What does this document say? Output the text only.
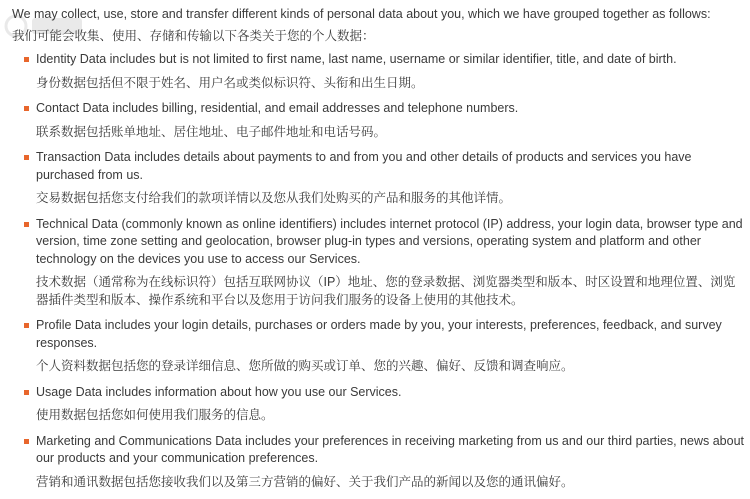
We may collect, use, store and transfer different kinds of personal data about you, which we have grouped together as follows:

我们可能会收集、使用、存储和传输以下各类关于您的个人数据：

Identity Data includes but is not limited to first name, last name, username or similar identifier, title, and date of birth.

身份数据包括但不限于姓名、用户名或类似标识符、头衔和出生日期。

Contact Data includes billing, residential, and email addresses and telephone numbers.

联系数据包括账单地址、居住地址、电子邮件地址和电话号码。

Transaction Data includes details about payments to and from you and other details of products and services you have purchased from us.

交易数据包括您支付给我们的款项详情以及您从我们处购买的产品和服务的其他详情。

Technical Data (commonly known as online identifiers) includes internet protocol (IP) address, your login data, browser type and version, time zone setting and geolocation, browser plug-in types and versions, operating system and platform and other technology on the devices you use to access our Services.

技术数据（通常称为在线标识符）包括互联网协议（IP）地址、您的登录数据、浏览器类型和版本、时区设置和地理位置、浏览器插件类型和版本、操作系统和平台以及您用于访问我们服务的设备上使用的其他技术。

Profile Data includes your login details, purchases or orders made by you, your interests, preferences, feedback, and survey responses.

个人资料数据包括您的登录详细信息、您所做的购买或订单、您的兴趣、偏好、反馈和调查响应。

Usage Data includes information about how you use our Services.

使用数据包括您如何使用我们服务的信息。

Marketing and Communications Data includes your preferences in receiving marketing from us and our third parties, news about our products and your communication preferences.

营销和通讯数据包括您接收我们以及第三方营销的偏好、关于我们产品的新闻以及您的通讯偏好。
